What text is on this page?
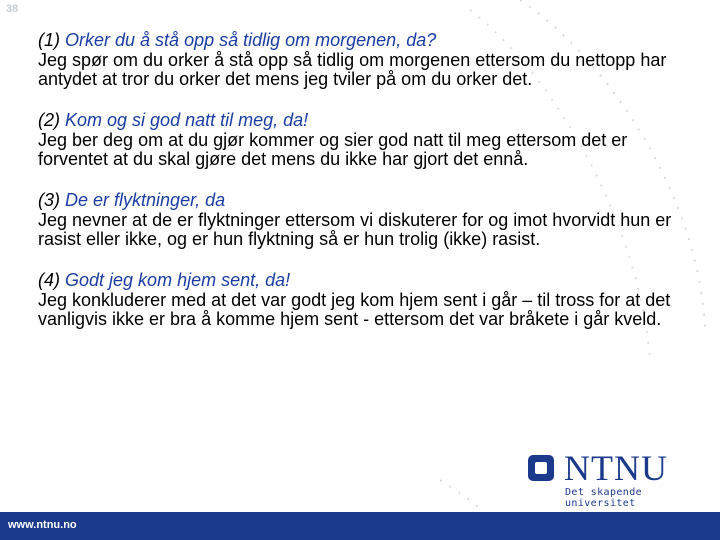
38
(1) Orker du å stå opp så tidlig om morgenen, da?
Jeg spør om du orker å stå opp så tidlig om morgenen ettersom du nettopp har antydet at tror du orker det mens jeg tviler på om du orker det.
(2) Kom og si god natt til meg, da!
Jeg ber deg om at du gjør kommer og sier god natt til meg ettersom det er forventet at du skal gjøre det mens du ikke har gjort det ennå.
(3) De er flyktninger, da
Jeg nevner at de er flyktninger ettersom vi diskuterer for og imot hvorvidt hun er rasist eller ikke, og er hun flyktning så er hun trolig (ikke) rasist.
(4) Godt jeg kom hjem sent, da!
Jeg konkluderer med at det var godt jeg kom hjem sent i går – til tross for at det vanligvis ikke er bra å komme hjem sent - ettersom det var bråkete i går kveld.
NTNU
Det skapende universitet
www.ntnu.no
